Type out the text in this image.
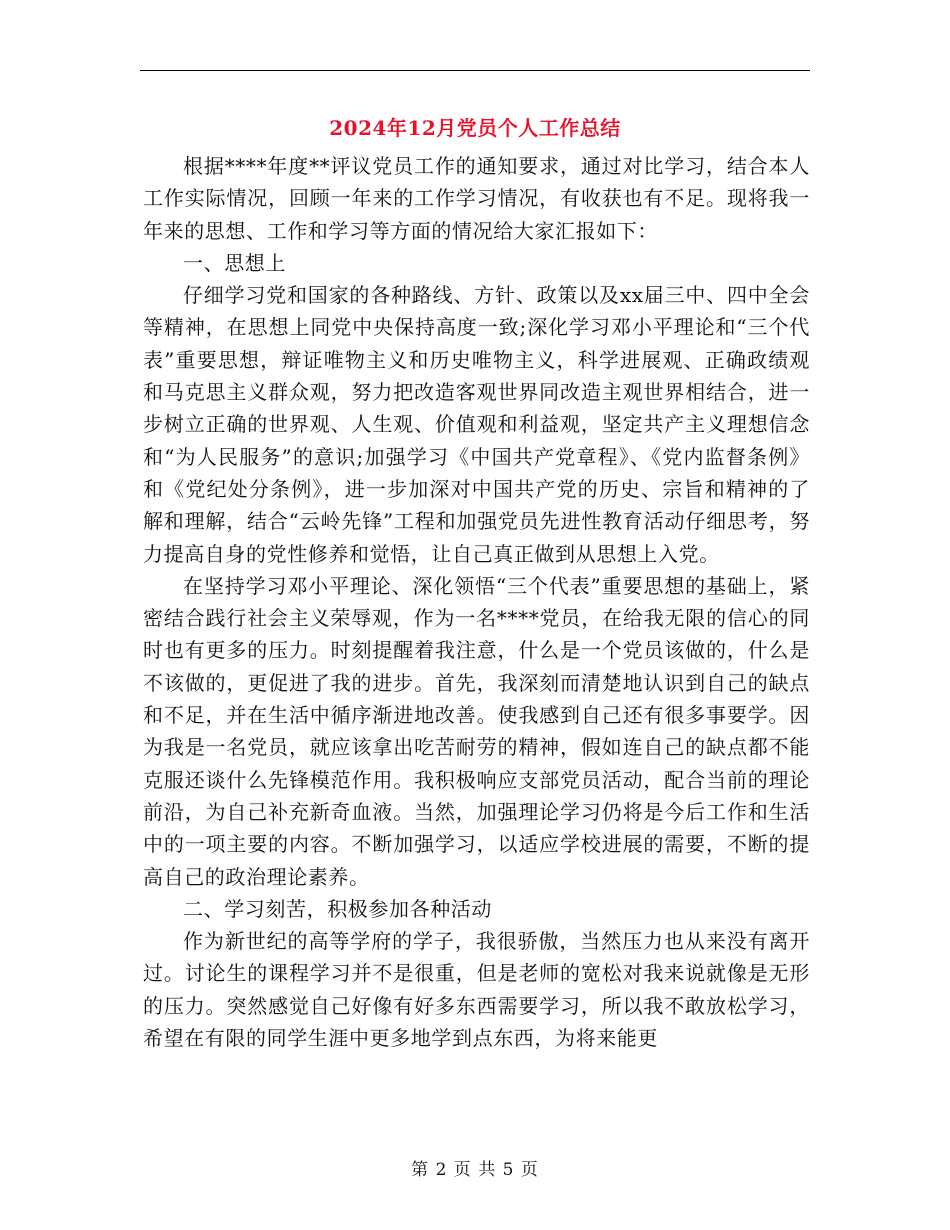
2024年12月党员个人工作总结

根据****年度**评议党员工作的通知要求，通过对比学习，结合本人工作实际情况，回顾一年来的工作学习情况，有收获也有不足。现将我一年来的思想、工作和学习等方面的情况给大家汇报如下：

一、思想上

仔细学习党和国家的各种路线、方针、政策以及xx届三中、四中全会等精神，在思想上同党中央保持高度一致;深化学习邓小平理论和“三个代表”重要思想，辩证唯物主义和历史唯物主义，科学进展观、正确政绩观和马克思主义群众观，努力把改造客观世界同改造主观世界相结合，进一步树立正确的世界观、人生观、价值观和利益观，坚定共产主义理想信念和“为人民服务”的意识;加强学习《中国共产党章程》、《党内监督条例》和《党纪处分条例》，进一步加深对中国共产党的历史、宗旨和精神的了解和理解，结合“云岭先锋”工程和加强党员先进性教育活动仔细思考，努力提高自身的党性修养和觉悟，让自己真正做到从思想上入党。

在坚持学习邓小平理论、深化领悟“三个代表”重要思想的基础上，紧密结合践行社会主义荣辱观，作为一名****党员，在给我无限的信心的同时也有更多的压力。时刻提醒着我注意，什么是一个党员该做的，什么是不该做的，更促进了我的进步。首先，我深刻而清楚地认识到自己的缺点和不足，并在生活中循序渐进地改善。使我感到自己还有很多事要学。因为我是一名党员，就应该拿出吃苦耐劳的精神，假如连自己的缺点都不能克服还谈什么先锋模范作用。我积极响应支部党员活动，配合当前的理论前沿，为自己补充新奇血液。当然，加强理论学习仍将是今后工作和生活中的一项主要的内容。不断加强学习，以适应学校进展的需要，不断的提高自己的政治理论素养。

二、学习刻苦，积极参加各种活动

作为新世纪的高等学府的学子，我很骄傲，当然压力也从来没有离开过。讨论生的课程学习并不是很重，但是老师的宽松对我来说就像是无形的压力。突然感觉自己好像有好多东西需要学习，所以我不敢放松学习，希望在有限的同学生涯中更多地学到点东西，为将来能更

第 2 页 共 5 页
